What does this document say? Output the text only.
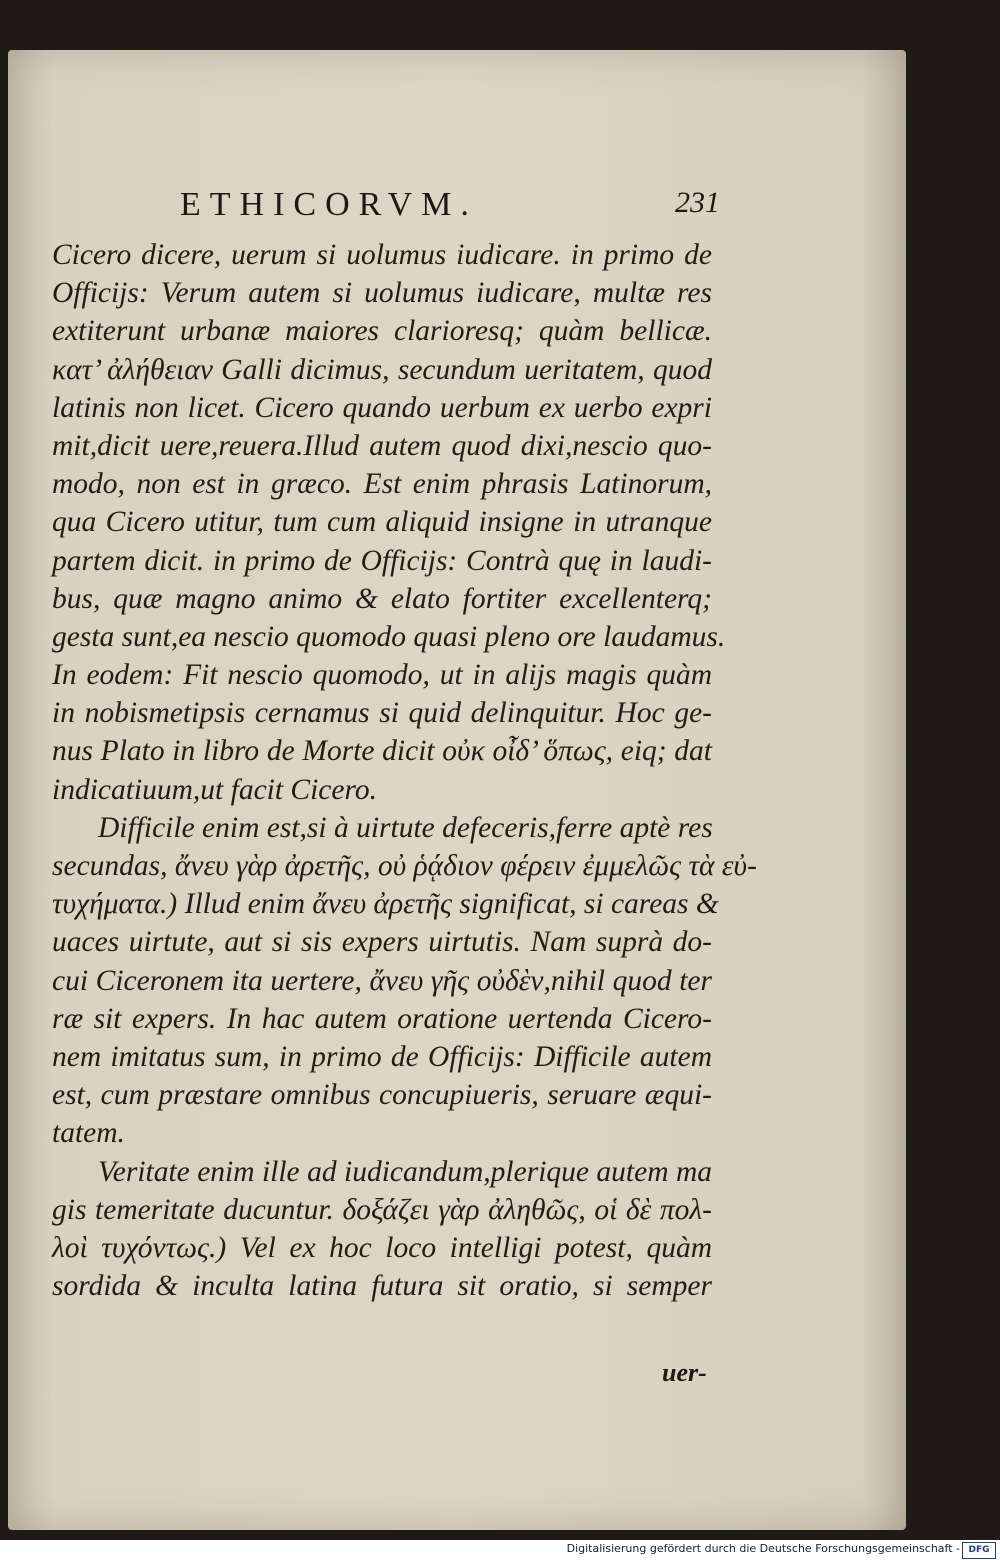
ETHICORVM.	231
Cicero dicere, uerum si uolumus iudicare. in primo de
Officijs: Verum autem si uolumus iudicare, multæ res
extiterunt urbanæ maiores clarioresq; quàm bellicæ.
κατ’ ἀλήθειαν Galli dicimus, secundum ueritatem, quod
latinis non licet. Cicero quando uerbum ex uerbo expri
mit,dicit uere,reuera.Illud autem quod dixi,nescio quo-
modo, non est in græco. Est enim phrasis Latinorum,
qua Cicero utitur, tum cum aliquid insigne in utranque
partem dicit. in primo de Officijs: Contrà quę in laudi-
bus, quæ magno animo & elato fortiter excellenterq;
gesta sunt,ea nescio quomodo quasi pleno ore laudamus.
In eodem: Fit nescio quomodo, ut in alijs magis quàm
in nobismetipsis cernamus si quid delinquitur. Hoc ge-
nus Plato in libro de Morte dicit οὐκ οἶδ’ ὅπως, eiq; dat
indicatiuum,ut facit Cicero.
Difficile enim est,si à uirtute defeceris,ferre aptè res
secundas, ἄνευ γὰρ ἀρετῆς, οὐ ῥᾴδιον φέρειν ἐμμελῶς τὰ εὐ-
τυχήματα.) Illud enim ἄνευ ἀρετῆς significat, si careas &
uaces uirtute, aut si sis expers uirtutis. Nam suprà do-
cui Ciceronem ita uertere, ἄνευ γῆς οὐδὲν,nihil quod ter
ræ sit expers. In hac autem oratione uertenda Cicero-
nem imitatus sum, in primo de Officijs: Difficile autem
est, cum præstare omnibus concupiueris, seruare æqui-
tatem.
Veritate enim ille ad iudicandum,plerique autem ma
gis temeritate ducuntur. δοξάζει γὰρ ἀληθῶς, οἱ δὲ πολ-
λοὶ τυχόντως.) Vel ex hoc loco intelligi potest, quàm
sordida & inculta latina futura sit oratio, si semper
uer-
Digitalisierung gefördert durch die Deutsche Forschungsgemeinschaft - DFG
